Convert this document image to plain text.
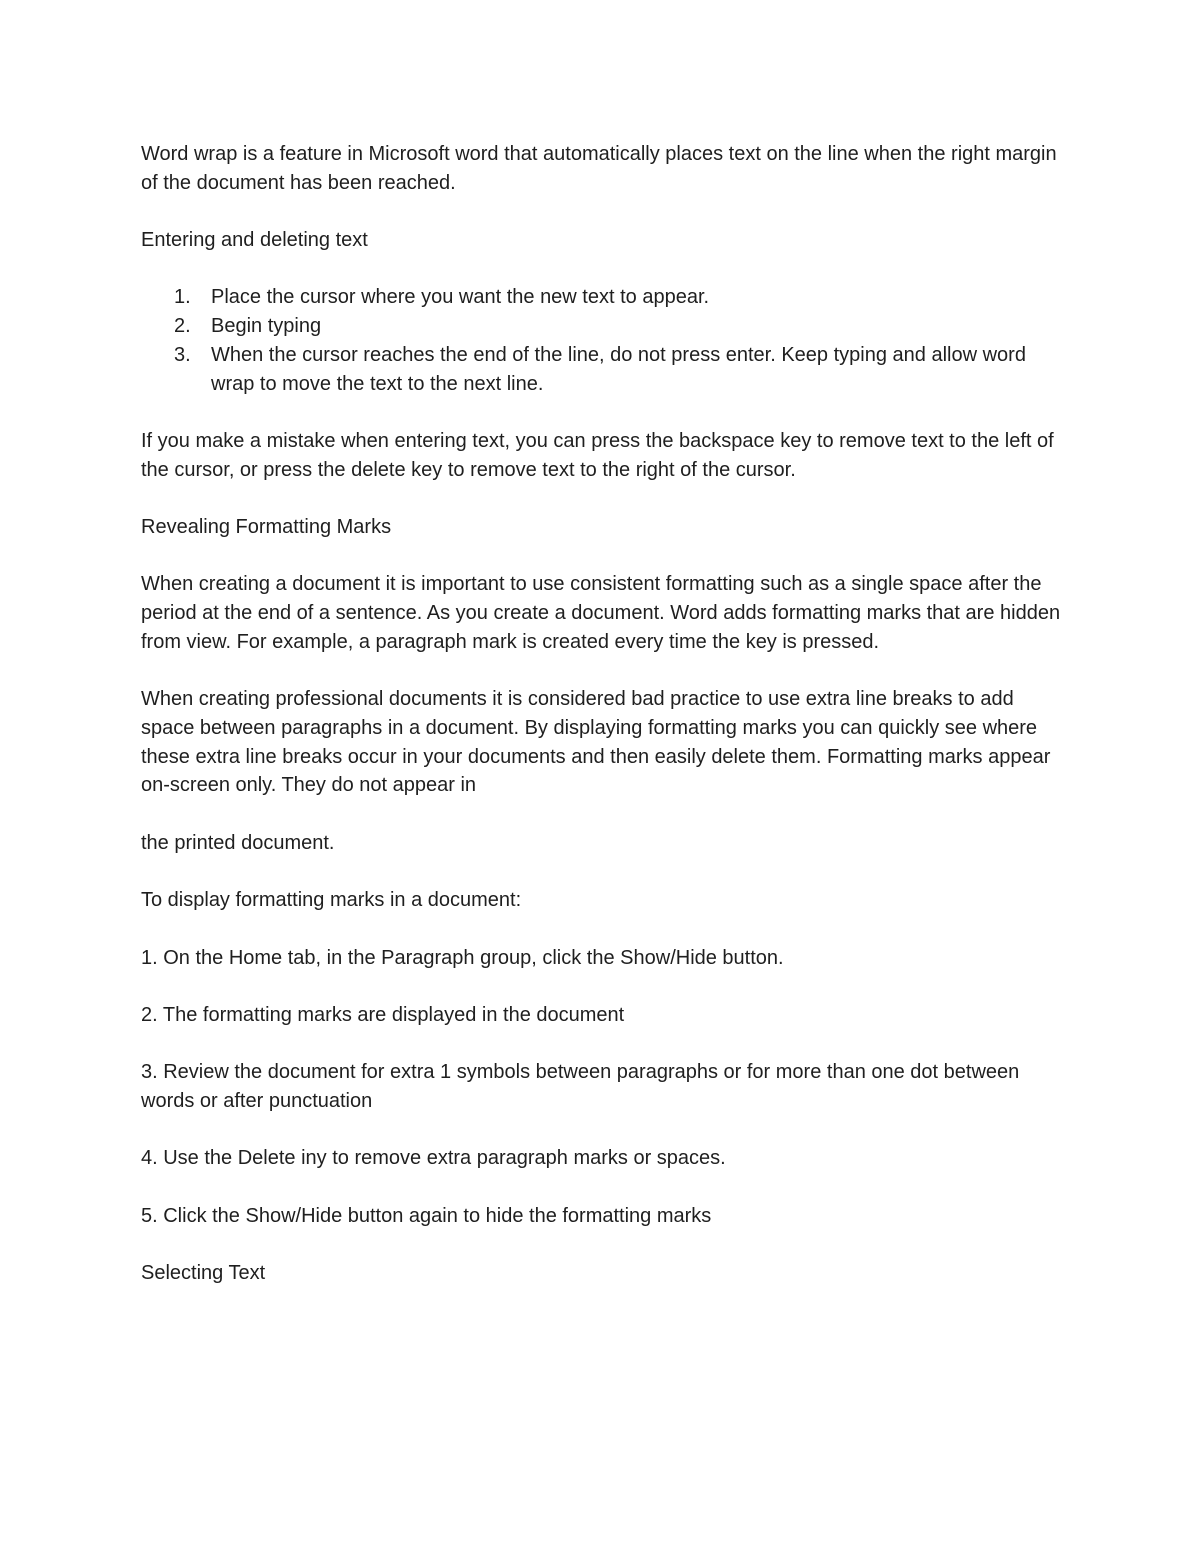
Word wrap is a feature in Microsoft word that automatically places text on the line when the right margin of the document has been reached.

Entering and deleting text

1. Place the cursor where you want the new text to appear.
2. Begin typing
3. When the cursor reaches the end of the line, do not press enter. Keep typing and allow word wrap to move the text to the next line.

If you make a mistake when entering text, you can press the backspace key to remove text to the left of the cursor, or press the delete key to remove text to the right of the cursor.

Revealing Formatting Marks

When creating a document it is important to use consistent formatting such as a single space after the period at the end of a sentence. As you create a document. Word adds formatting marks that are hidden from view. For example, a paragraph mark is created every time the key is pressed.

When creating professional documents it is considered bad practice to use extra line breaks to add space between paragraphs in a document. By displaying formatting marks you can quickly see where these extra line breaks occur in your documents and then easily delete them. Formatting marks appear on-screen only. They do not appear in

the printed document.

To display formatting marks in a document:

1. On the Home tab, in the Paragraph group, click the Show/Hide button.

2. The formatting marks are displayed in the document

3. Review the document for extra 1 symbols between paragraphs or for more than one dot between words or after punctuation

4. Use the Delete iny to remove extra paragraph marks or spaces.

5. Click the Show/Hide button again to hide the formatting marks

Selecting Text
